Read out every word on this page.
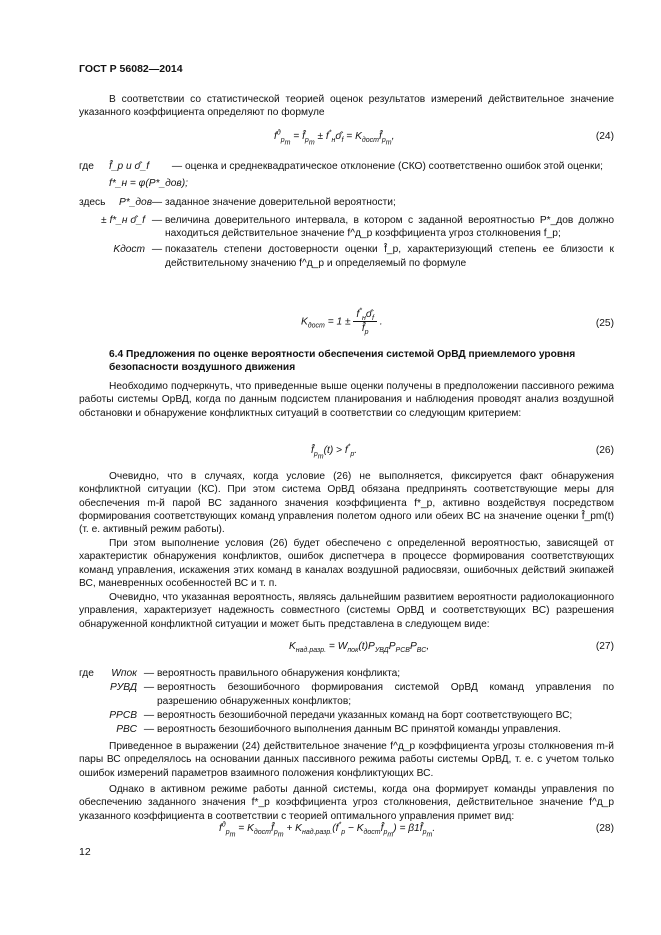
ГОСТ Р 56082—2014

В соответствии со статистической теорией оценок результатов измерений действительное значение указанного коэффициента определяют по формуле

$f^д_{p_m}$ = $f̂_{p_m}$ ± $f^*_н\sigmâ_f$ = $K_{дост}f̂_{p_m}$,	(24)
где	f̂_p и σ̂_f	— оценка и среднеквадратическое отклонение (СКО) соответственно ошибок этой оценки;
f*_н = φ(P*_дов);
здесь	P*_дов — заданное значение доверительной вероятности;
± f*_н σ̂_f — величина доверительного интервала, в котором с заданной вероятностью P*_дов должно находиться действительное значение f^д_p коэффициента угроз столкновения f_p;
Kдост — показатель степени достоверности оценки f̂_p, характеризующий степень ее близости к действительному значению f^д_p и определяемый по формуле
$K_{дост} = 1 \pm \frac{f^*_н\sigmâ_f}{f̂_p}$ .	(25)

6.4 Предложения по оценке вероятности обеспечения системой ОрВД приемлемого уровня безопасности воздушного движения

Необходимо подчеркнуть, что приведенные выше оценки получены в предположении пассивного режима работы системы ОрВД, когда по данным подсистем планирования и наблюдения проводят анализ воздушной обстановки и обнаружение конфликтных ситуаций в соответствии со следующим критерием:

$f̂_{p_m}(t) > f^*_p$.	(26)

Очевидно, что в случаях, когда условие (26) не выполняется, фиксируется факт обнаружения конфликтной ситуации (КС). При этом система ОрВД обязана предпринять соответствующие меры для обеспечения m-й парой ВС заданного значения коэффициента f*_p, активно воздействуя посредством формирования соответствующих команд управления полетом одного или обеих ВС на значение оценки f̂_pm(t) (т. е. активный режим работы).

При этом выполнение условия (26) будет обеспечено с определенной вероятностью, зависящей от характеристик обнаружения конфликтов, ошибок диспетчера в процессе формирования соответствующих команд управления, искажения этих команд в каналах воздушной радиосвязи, ошибочных действий экипажей ВС, маневренных особенностей ВС и т. п.

Очевидно, что указанная вероятность, являясь дальнейшим развитием вероятности радиолокационного управления, характеризует надежность совместного (системы ОрВД и соответствующих ВС) разрешения обнаруженной конфликтной ситуации и может быть представлена в следующем виде:

$K_{над.разр.} = W_{пок}(t)P_{УВД}P_{РСВ}P_{ВС}$,	(27)
где	Wпок — вероятность правильного обнаружения конфликта;
PУВД — вероятность безошибочного формирования системой ОрВД команд управления по разрешению обнаруженных конфликтов;
PРСВ — вероятность безошибочной передачи указанных команд на борт соответствующего ВС;
PВС — вероятность безошибочного выполнения данным ВС принятой команды управления.

Приведенное в выражении (24) действительное значение f^д_p коэффициента угрозы столкновения m-й пары ВС определялось на основании данных пассивного режима работы системы ОрВД, т. е. с учетом только ошибок измерений параметров взаимного положения конфликтующих ВС.

Однако в активном режиме работы данной системы, когда она формирует команды управления по обеспечению заданного значения f*_p коэффициента угроз столкновения, действительное значение f^д_p указанного коэффициента в соответствии с теорией оптимального управления примет вид:

$f^д_{p_m}$ = $K_{дост}f̂_{p_m} + K_{над.разр.}(f^*_p$ − $K_{дост}f̂_{p_m}$) = $\beta 1f̂_{p_m}$.	(28)
12
